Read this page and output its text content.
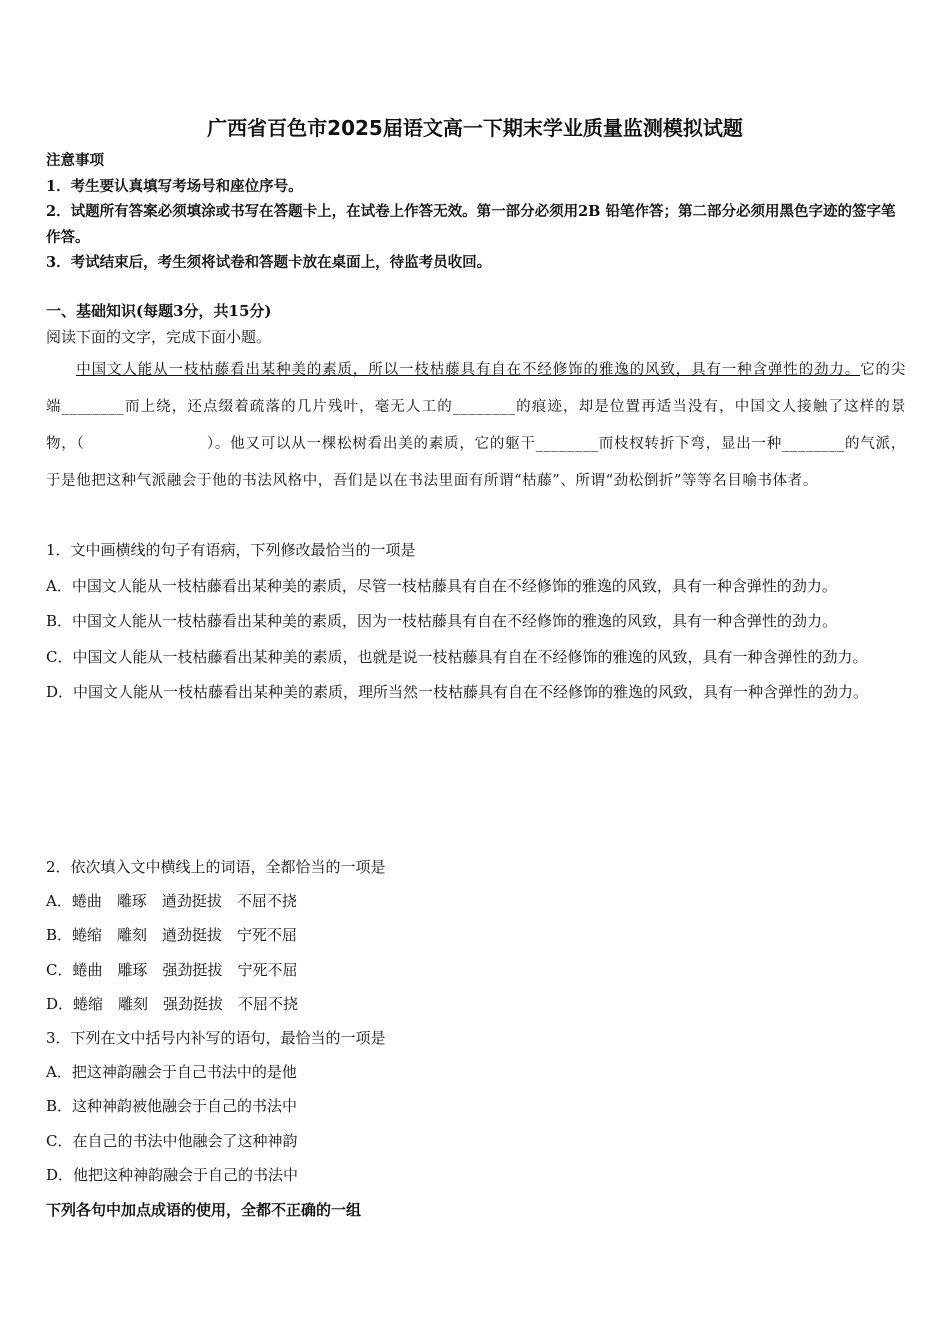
广西省百色市2025届语文高一下期末学业质量监测模拟试题
注意事项
1．考生要认真填写考场号和座位序号。
2．试题所有答案必须填涂或书写在答题卡上，在试卷上作答无效。第一部分必须用2B 铅笔作答；第二部分必须用黑色字迹的签字笔作答。
3．考试结束后，考生须将试卷和答题卡放在桌面上，待监考员收回。
一、基础知识(每题3分，共15分)
阅读下面的文字，完成下面小题。
中国文人能从一枝枯藤看出某种美的素质，所以一枝枯藤具有自在不经修饰的雅逸的风致，具有一种含弹性的劲力。它的尖端________而上绕，还点缀着疏落的几片残叶，毫无人工的________的痕迹，却是位置再适当没有，中国文人接触了这样的景物，（　　　　　　　　）。他又可以从一棵松树看出美的素质，它的躯干________而枝杈转折下弯，显出一种________的气派，于是他把这种气派融会于他的书法风格中，吾们是以在书法里面有所谓“枯藤”、所谓“劲松倒折”等等名目喻书体者。
1．文中画横线的句子有语病，下列修改最恰当的一项是
A．中国文人能从一枝枯藤看出某种美的素质，尽管一枝枯藤具有自在不经修饰的雅逸的风致，具有一种含弹性的劲力。
B．中国文人能从一枝枯藤看出某种美的素质，因为一枝枯藤具有自在不经修饰的雅逸的风致，具有一种含弹性的劲力。
C．中国文人能从一枝枯藤看出某种美的素质，也就是说一枝枯藤具有自在不经修饰的雅逸的风致，具有一种含弹性的劲力。
D．中国文人能从一枝枯藤看出某种美的素质，理所当然一枝枯藤具有自在不经修饰的雅逸的风致，具有一种含弹性的劲力。
2．依次填入文中横线上的词语，全都恰当的一项是
A．蜷曲　雕琢　遒劲挺拔　不屈不挠
B．蜷缩　雕刻　遒劲挺拔　宁死不屈
C．蜷曲　雕琢　强劲挺拔　宁死不屈
D．蜷缩　雕刻　强劲挺拔　不屈不挠
3．下列在文中括号内补写的语句，最恰当的一项是
A．把这神韵融会于自己书法中的是他
B．这种神韵被他融会于自己的书法中
C．在自己的书法中他融会了这种神韵
D．他把这种神韵融会于自己的书法中
下列各句中加点成语的使用，全都不正确的一组
